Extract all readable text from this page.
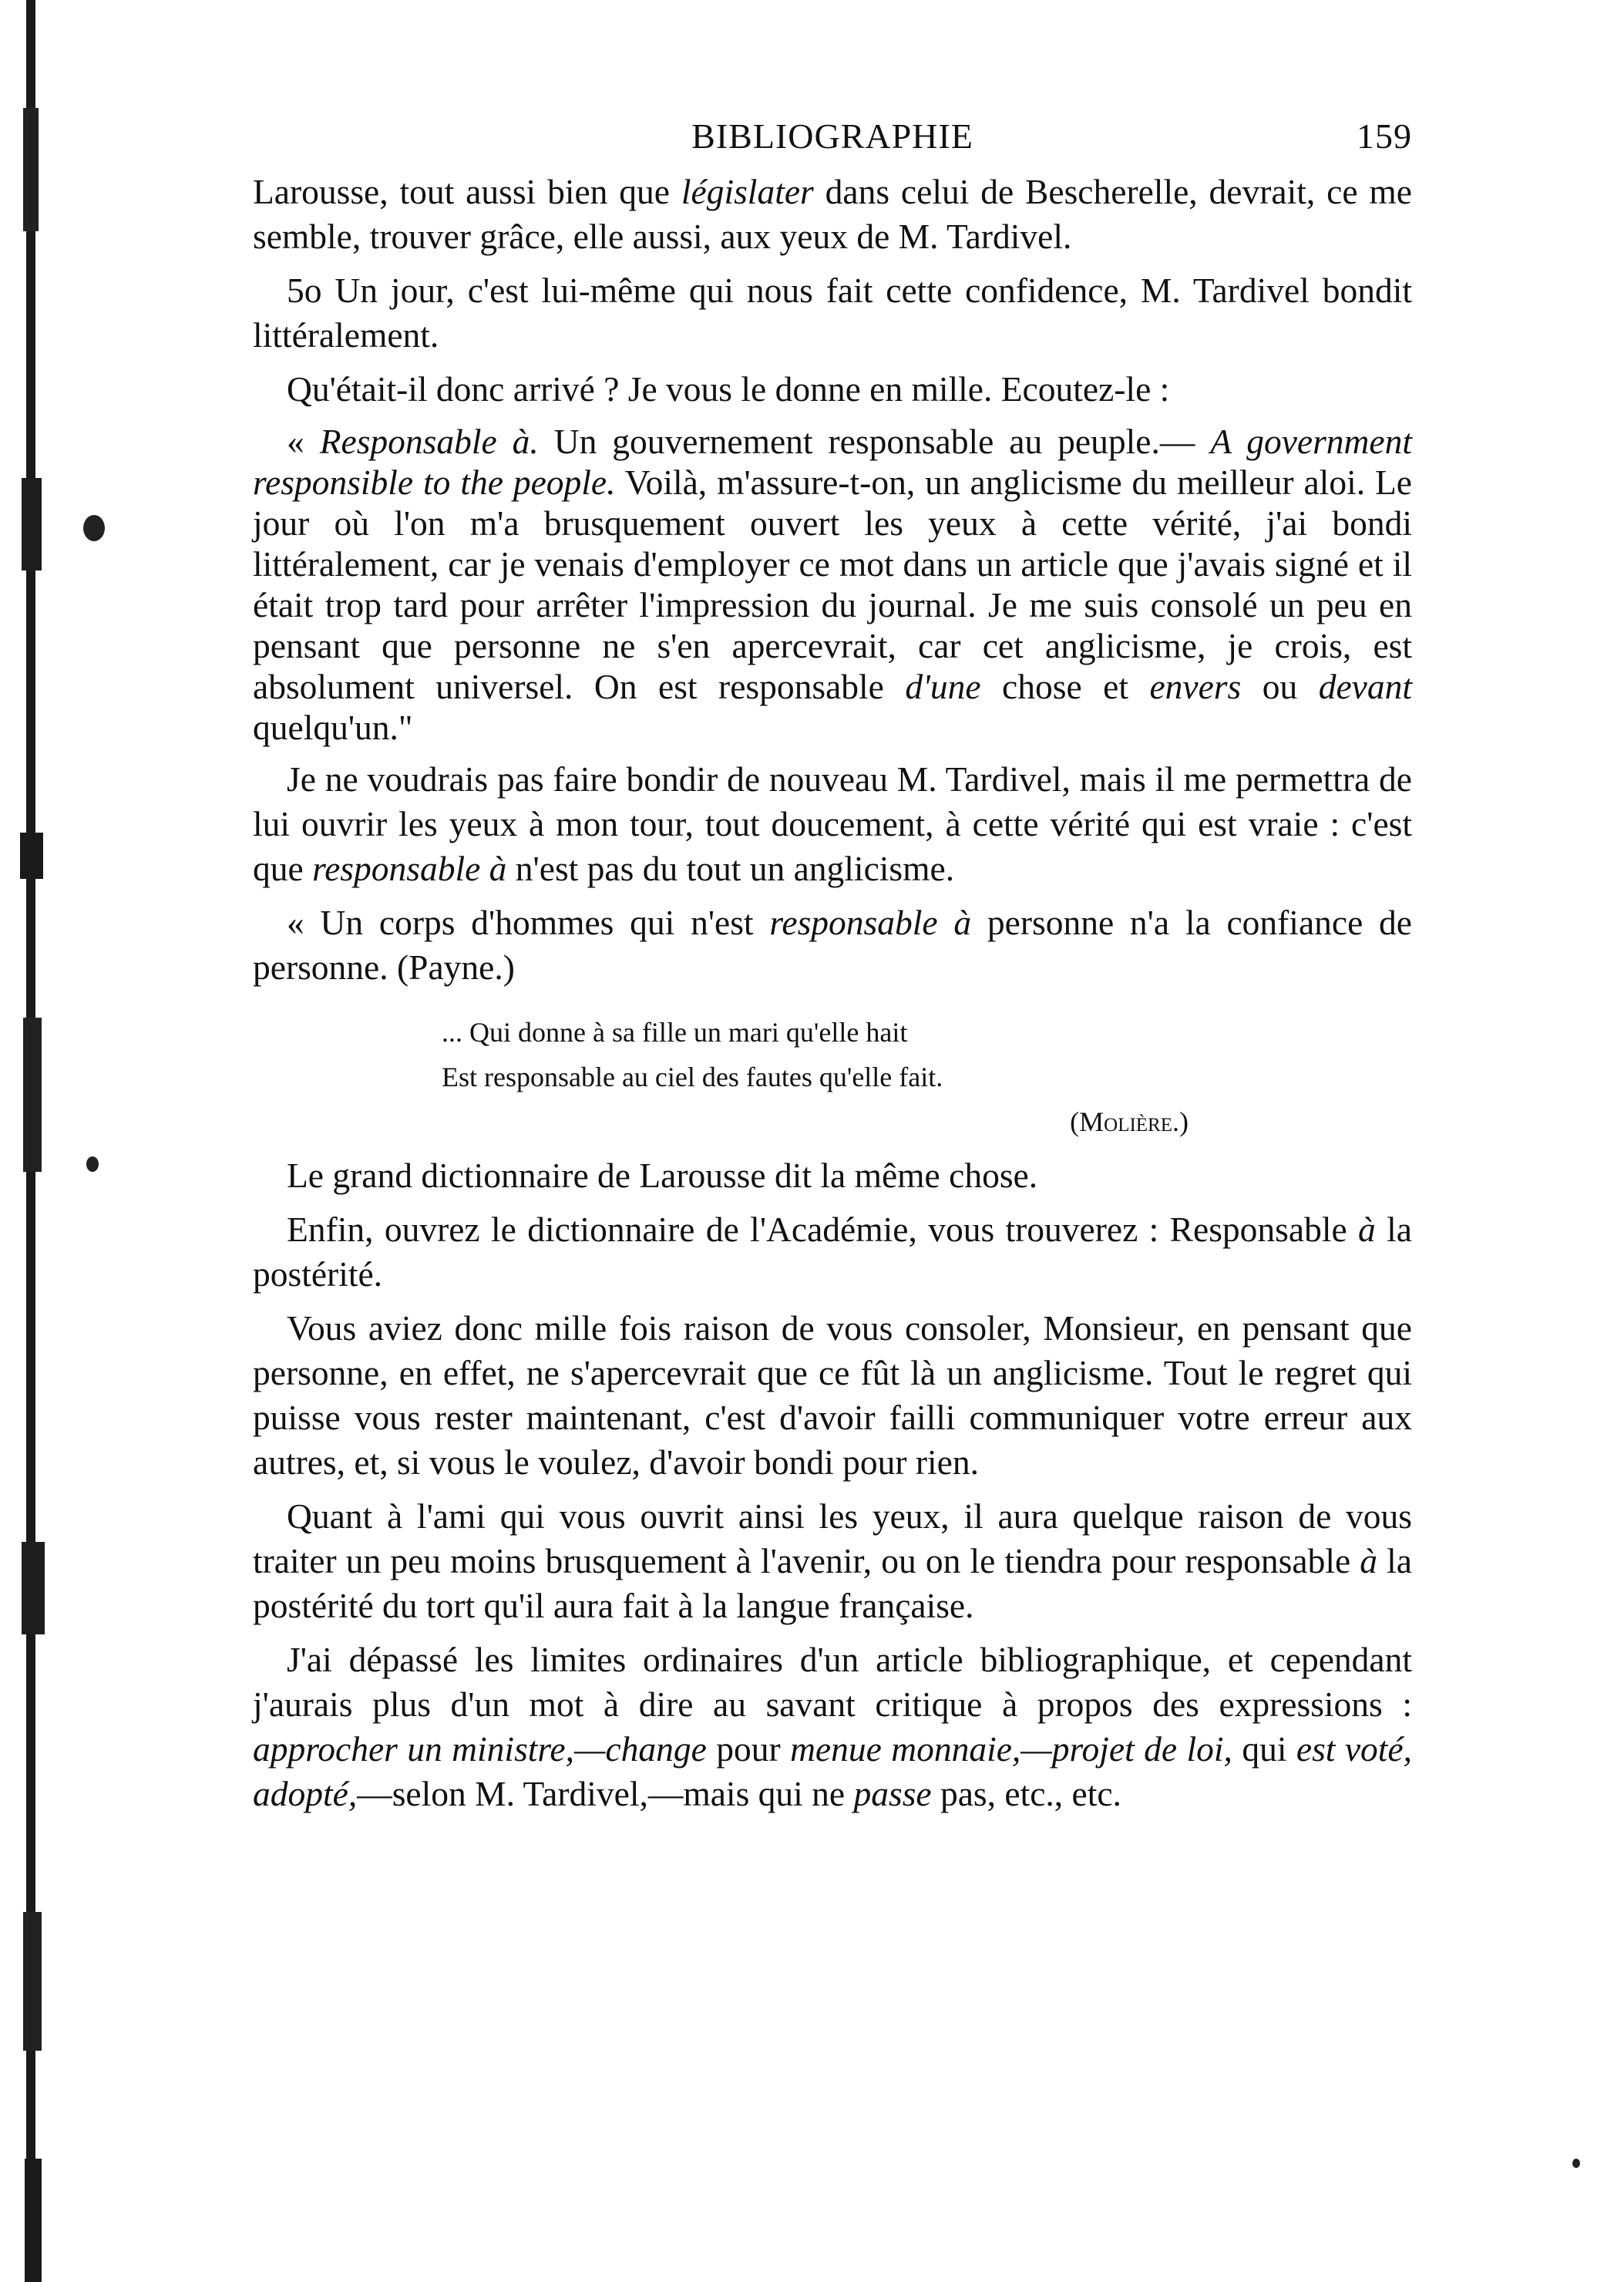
BIBLIOGRAPHIE	159

Larousse, tout aussi bien que législater dans celui de Bescherelle, devrait, ce me semble, trouver grâce, elle aussi, aux yeux de M. Tardivel.

5o Un jour, c'est lui-même qui nous fait cette confidence, M. Tardivel bondit littéralement.

Qu'était-il donc arrivé ? Je vous le donne en mille. Ecoutez-le :

« Responsable à. Un gouvernement responsable au peuple.— A government responsible to the people. Voilà, m'assure-t-on, un anglicisme du meilleur aloi. Le jour où l'on m'a brusquement ouvert les yeux à cette vérité, j'ai bondi littéralement, car je venais d'employer ce mot dans un article que j'avais signé et il était trop tard pour arrêter l'impression du journal. Je me suis consolé un peu en pensant que personne ne s'en apercevrait, car cet anglicisme, je crois, est absolument universel. On est responsable d'une chose et envers ou devant quelqu'un."

Je ne voudrais pas faire bondir de nouveau M. Tardivel, mais il me permettra de lui ouvrir les yeux à mon tour, tout doucement, à cette vérité qui est vraie : c'est que responsable à n'est pas du tout un anglicisme.

« Un corps d'hommes qui n'est responsable à personne n'a la confiance de personne. (Payne.)

... Qui donne à sa fille un mari qu'elle hait
Est responsable au ciel des fautes qu'elle fait.
(Molière.)

Le grand dictionnaire de Larousse dit la même chose.

Enfin, ouvrez le dictionnaire de l'Académie, vous trouverez : Responsable à la postérité.

Vous aviez donc mille fois raison de vous consoler, Monsieur, en pensant que personne, en effet, ne s'apercevrait que ce fût là un anglicisme. Tout le regret qui puisse vous rester maintenant, c'est d'avoir failli communiquer votre erreur aux autres, et, si vous le voulez, d'avoir bondi pour rien.

Quant à l'ami qui vous ouvrit ainsi les yeux, il aura quelque raison de vous traiter un peu moins brusquement à l'avenir, ou on le tiendra pour responsable à la postérité du tort qu'il aura fait à la langue française.

J'ai dépassé les limites ordinaires d'un article bibliographique, et cependant j'aurais plus d'un mot à dire au savant critique à propos des expressions : approcher un ministre,—change pour menue monnaie,—projet de loi, qui est voté, adopté,—selon M. Tardivel,—mais qui ne passe pas, etc., etc.
